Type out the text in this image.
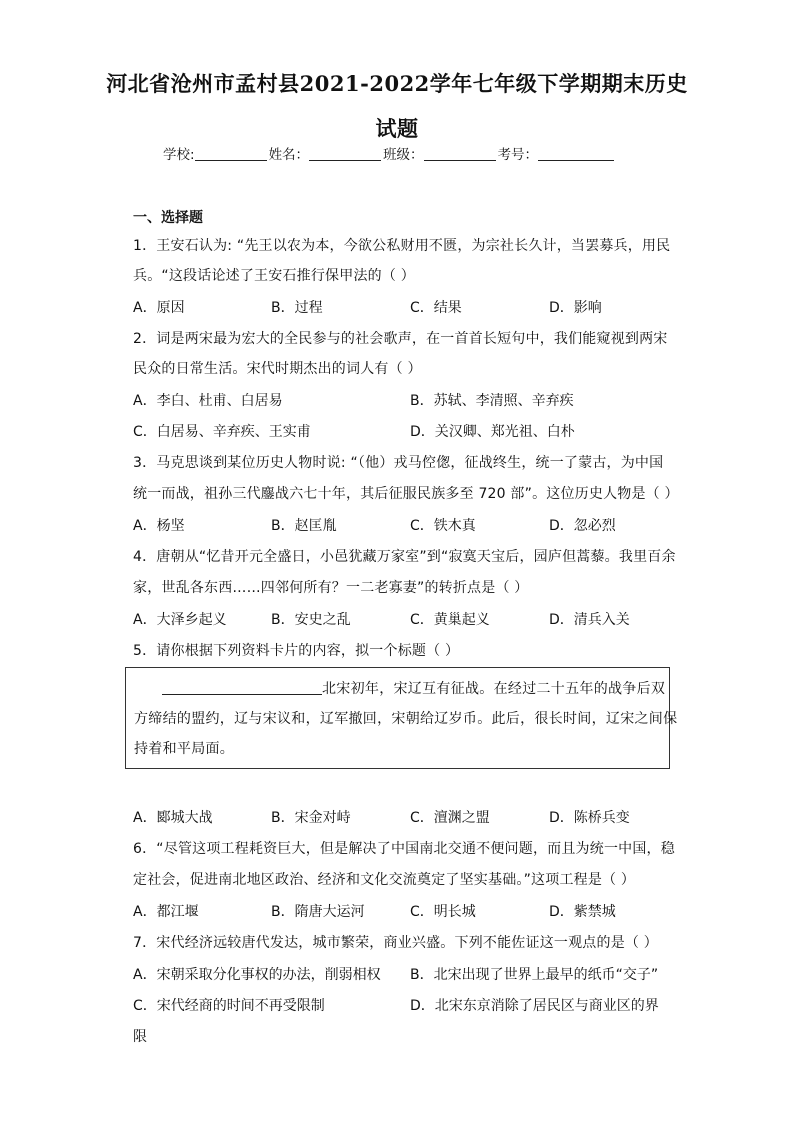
河北省沧州市孟村县2021-2022学年七年级下学期期末历史
试题
学校:	姓名：	班级：	考号：
一、选择题
1．王安石认为: “先王以农为本，今欲公私财用不匮，为宗社长久计，当罢募兵，用民
兵。“这段话论述了王安石推行保甲法的（ ）
A．原因	B．过程	C．结果	D．影响
2．词是两宋最为宏大的全民参与的社会歌声，在一首首长短句中，我们能窥视到两宋
民众的日常生活。宋代时期杰出的词人有（ ）
A．李白、杜甫、白居易	B．苏轼、李清照、辛弃疾
C．白居易、辛弃疾、王实甫	D．关汉卿、郑光祖、白朴
3．马克思谈到某位历史人物时说: “（他）戎马倥偬，征战终生，统一了蒙古，为中国
统一而战，祖孙三代鏖战六七十年，其后征服民族多至 720 部”。这位历史人物是（ ）
A．杨坚	B．赵匡胤	C．铁木真	D．忽必烈
4．唐朝从“忆昔开元全盛日，小邑犹藏万家室”到“寂寞天宝后，园庐但蒿藜。我里百余
家，世乱各东西……四邻何所有？一二老寡妻”的转折点是（ ）
A．大泽乡起义	B．安史之乱	C．黄巢起义	D．清兵入关
5．请你根据下列资料卡片的内容，拟一个标题（ ）
北宋初年，宋辽互有征战。在经过二十五年的战争后双
方缔结的盟约，辽与宋议和，辽军撤回，宋朝给辽岁币。此后，很长时间，辽宋之间保
持着和平局面。
A．郾城大战	B．宋金对峙	C．澶渊之盟	D．陈桥兵变
6．“尽管这项工程耗资巨大，但是解决了中国南北交通不便问题，而且为统一中国，稳
定社会，促进南北地区政治、经济和文化交流奠定了坚实基础。”这项工程是（ ）
A．都江堰	B．隋唐大运河	C．明长城	D．紫禁城
7．宋代经济远较唐代发达，城市繁荣，商业兴盛。下列不能佐证这一观点的是（ ）
A．宋朝采取分化事权的办法，削弱相权 B．北宋出现了世界上最早的纸币“交子”
C．宋代经商的时间不再受限制	D．北宋东京消除了居民区与商业区的界
限
